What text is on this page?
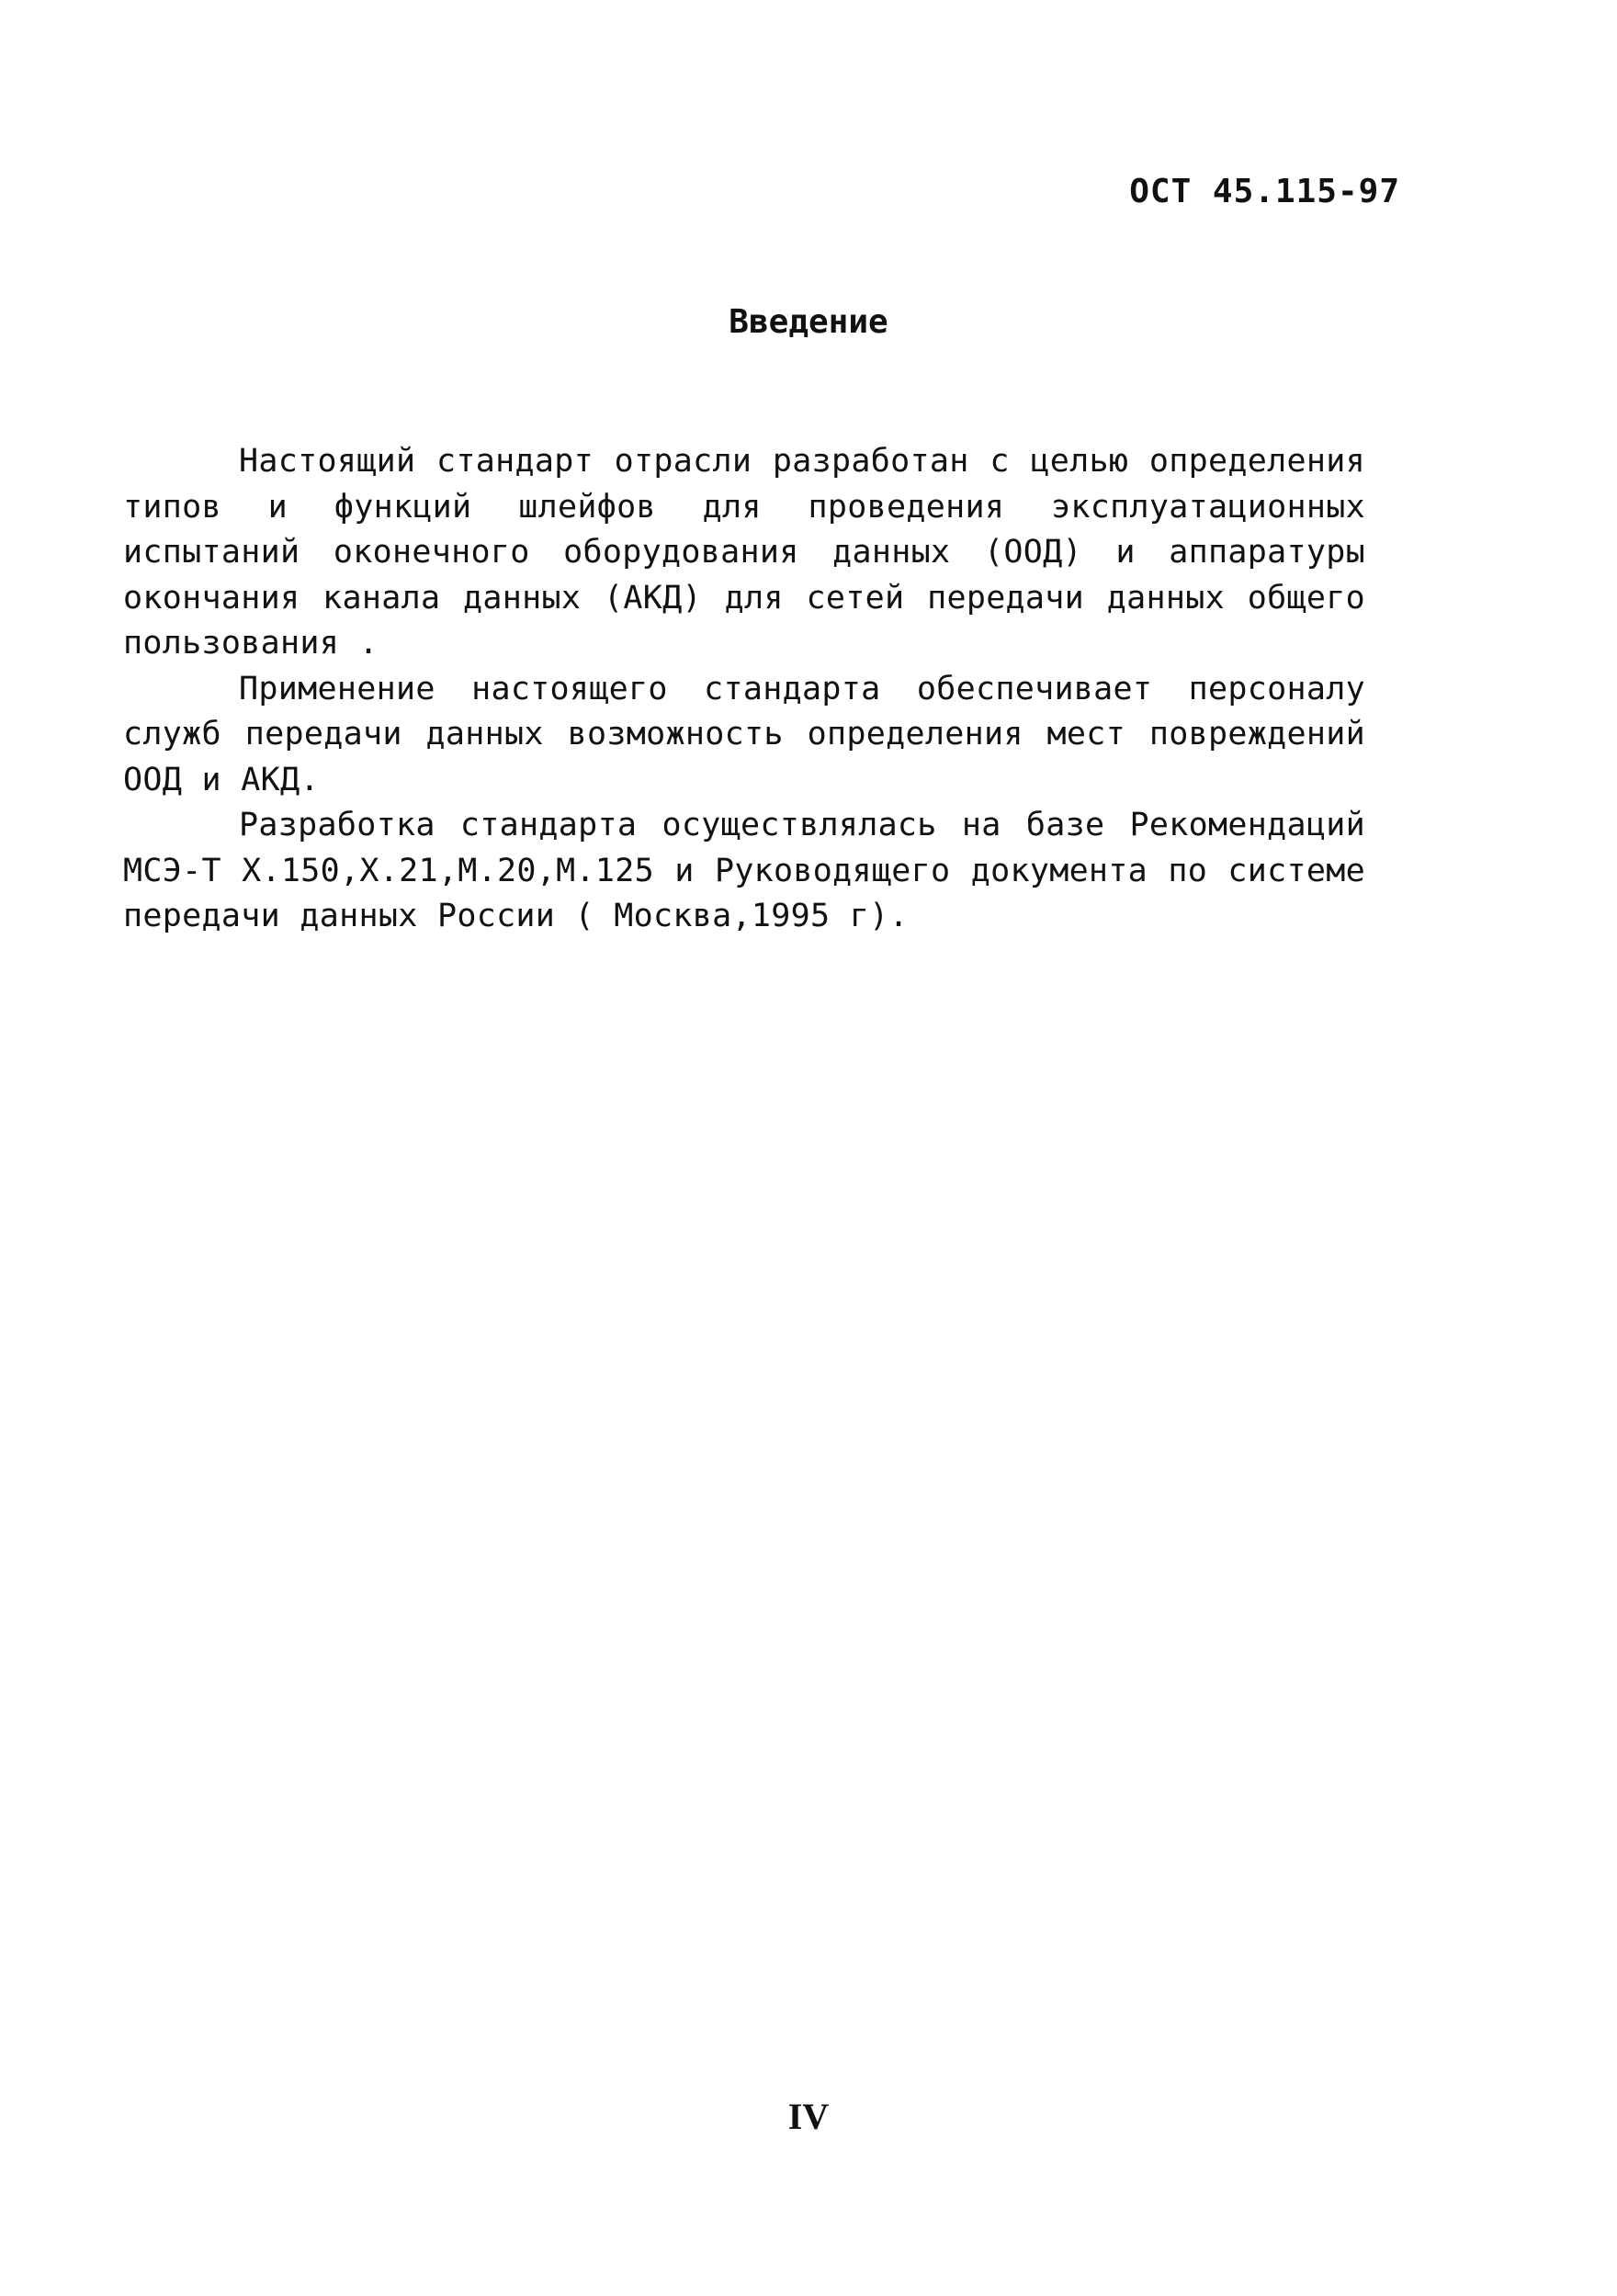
ОСТ 45.115-97
Введение

Настоящий стандарт отрасли разработан с целью определения типов и функций шлейфов для проведения эксплуатационных испытаний оконечного оборудования данных (ООД) и аппаратуры окончания канала данных (АКД) для сетей передачи данных общего пользования .

Применение настоящего стандарта обеспечивает персоналу служб передачи данных возможность определения мест повреждений ООД и АКД.

Разработка стандарта осуществлялась на базе Рекомендаций МСЭ-Т X.150,X.21,M.20,M.125 и Руководящего документа по системе передачи данных России ( Москва,1995 г).

IV
